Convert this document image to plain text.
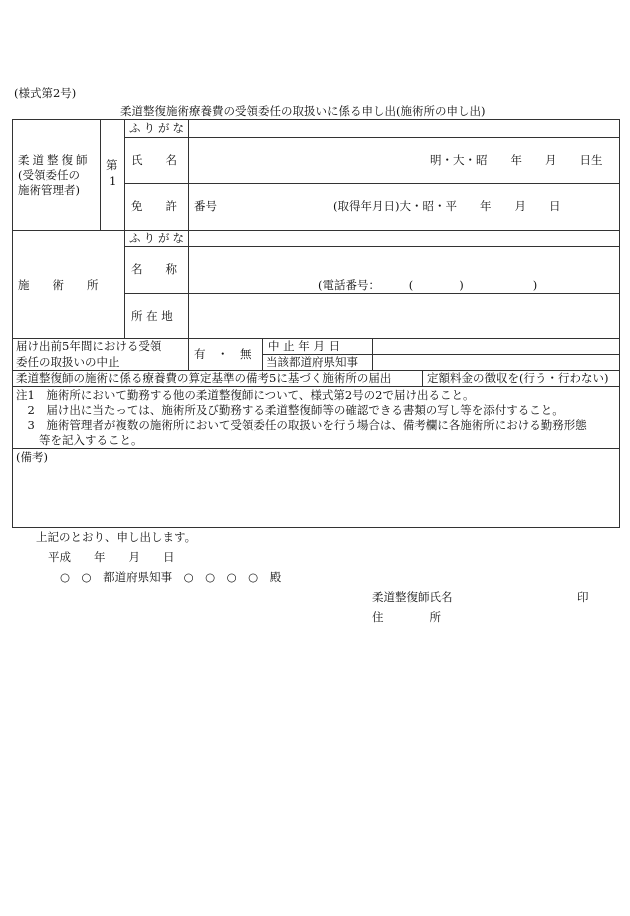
(様式第2号)
柔道整復施術療養費の受領委任の取扱いに係る申し出(施術所の申し出)
柔道整復師
(受領委任の
施術管理者)
第
1
ふりがな
氏　　名	明・大・昭　　年　　月　　日生
免　　許 番号	(取得年月日)大・昭・平　　年　　月　　日
施　　術　　所
ふりがな
名　　称
(電話番号：　　　(　　　　)　　　　　　)
所 在 地
届け出前5年間における受領
委任の取扱いの中止
有　・　無
中 止 年 月 日
当該都道府県知事
柔道整復師の施術に係る療養費の算定基準の備考5に基づく施術所の届出	定額料金の徴収を(行う・行わない)
注1　施術所において勤務する他の柔道整復師について、様式第2号の2で届け出ること。
　2　届け出に当たっては、施術所及び勤務する柔道整復師等の確認できる書類の写し等を添付すること。
　3　施術管理者が複数の施術所において受領委任の取扱いを行う場合は、備考欄に各施術所における勤務形態
　　等を記入すること。
(備考)
上記のとおり、申し出します。
平成　　年　　月　　日
○　○　都道府県知事　○　○　○　○　殿
柔道整復師氏名	印
住　　　　所
